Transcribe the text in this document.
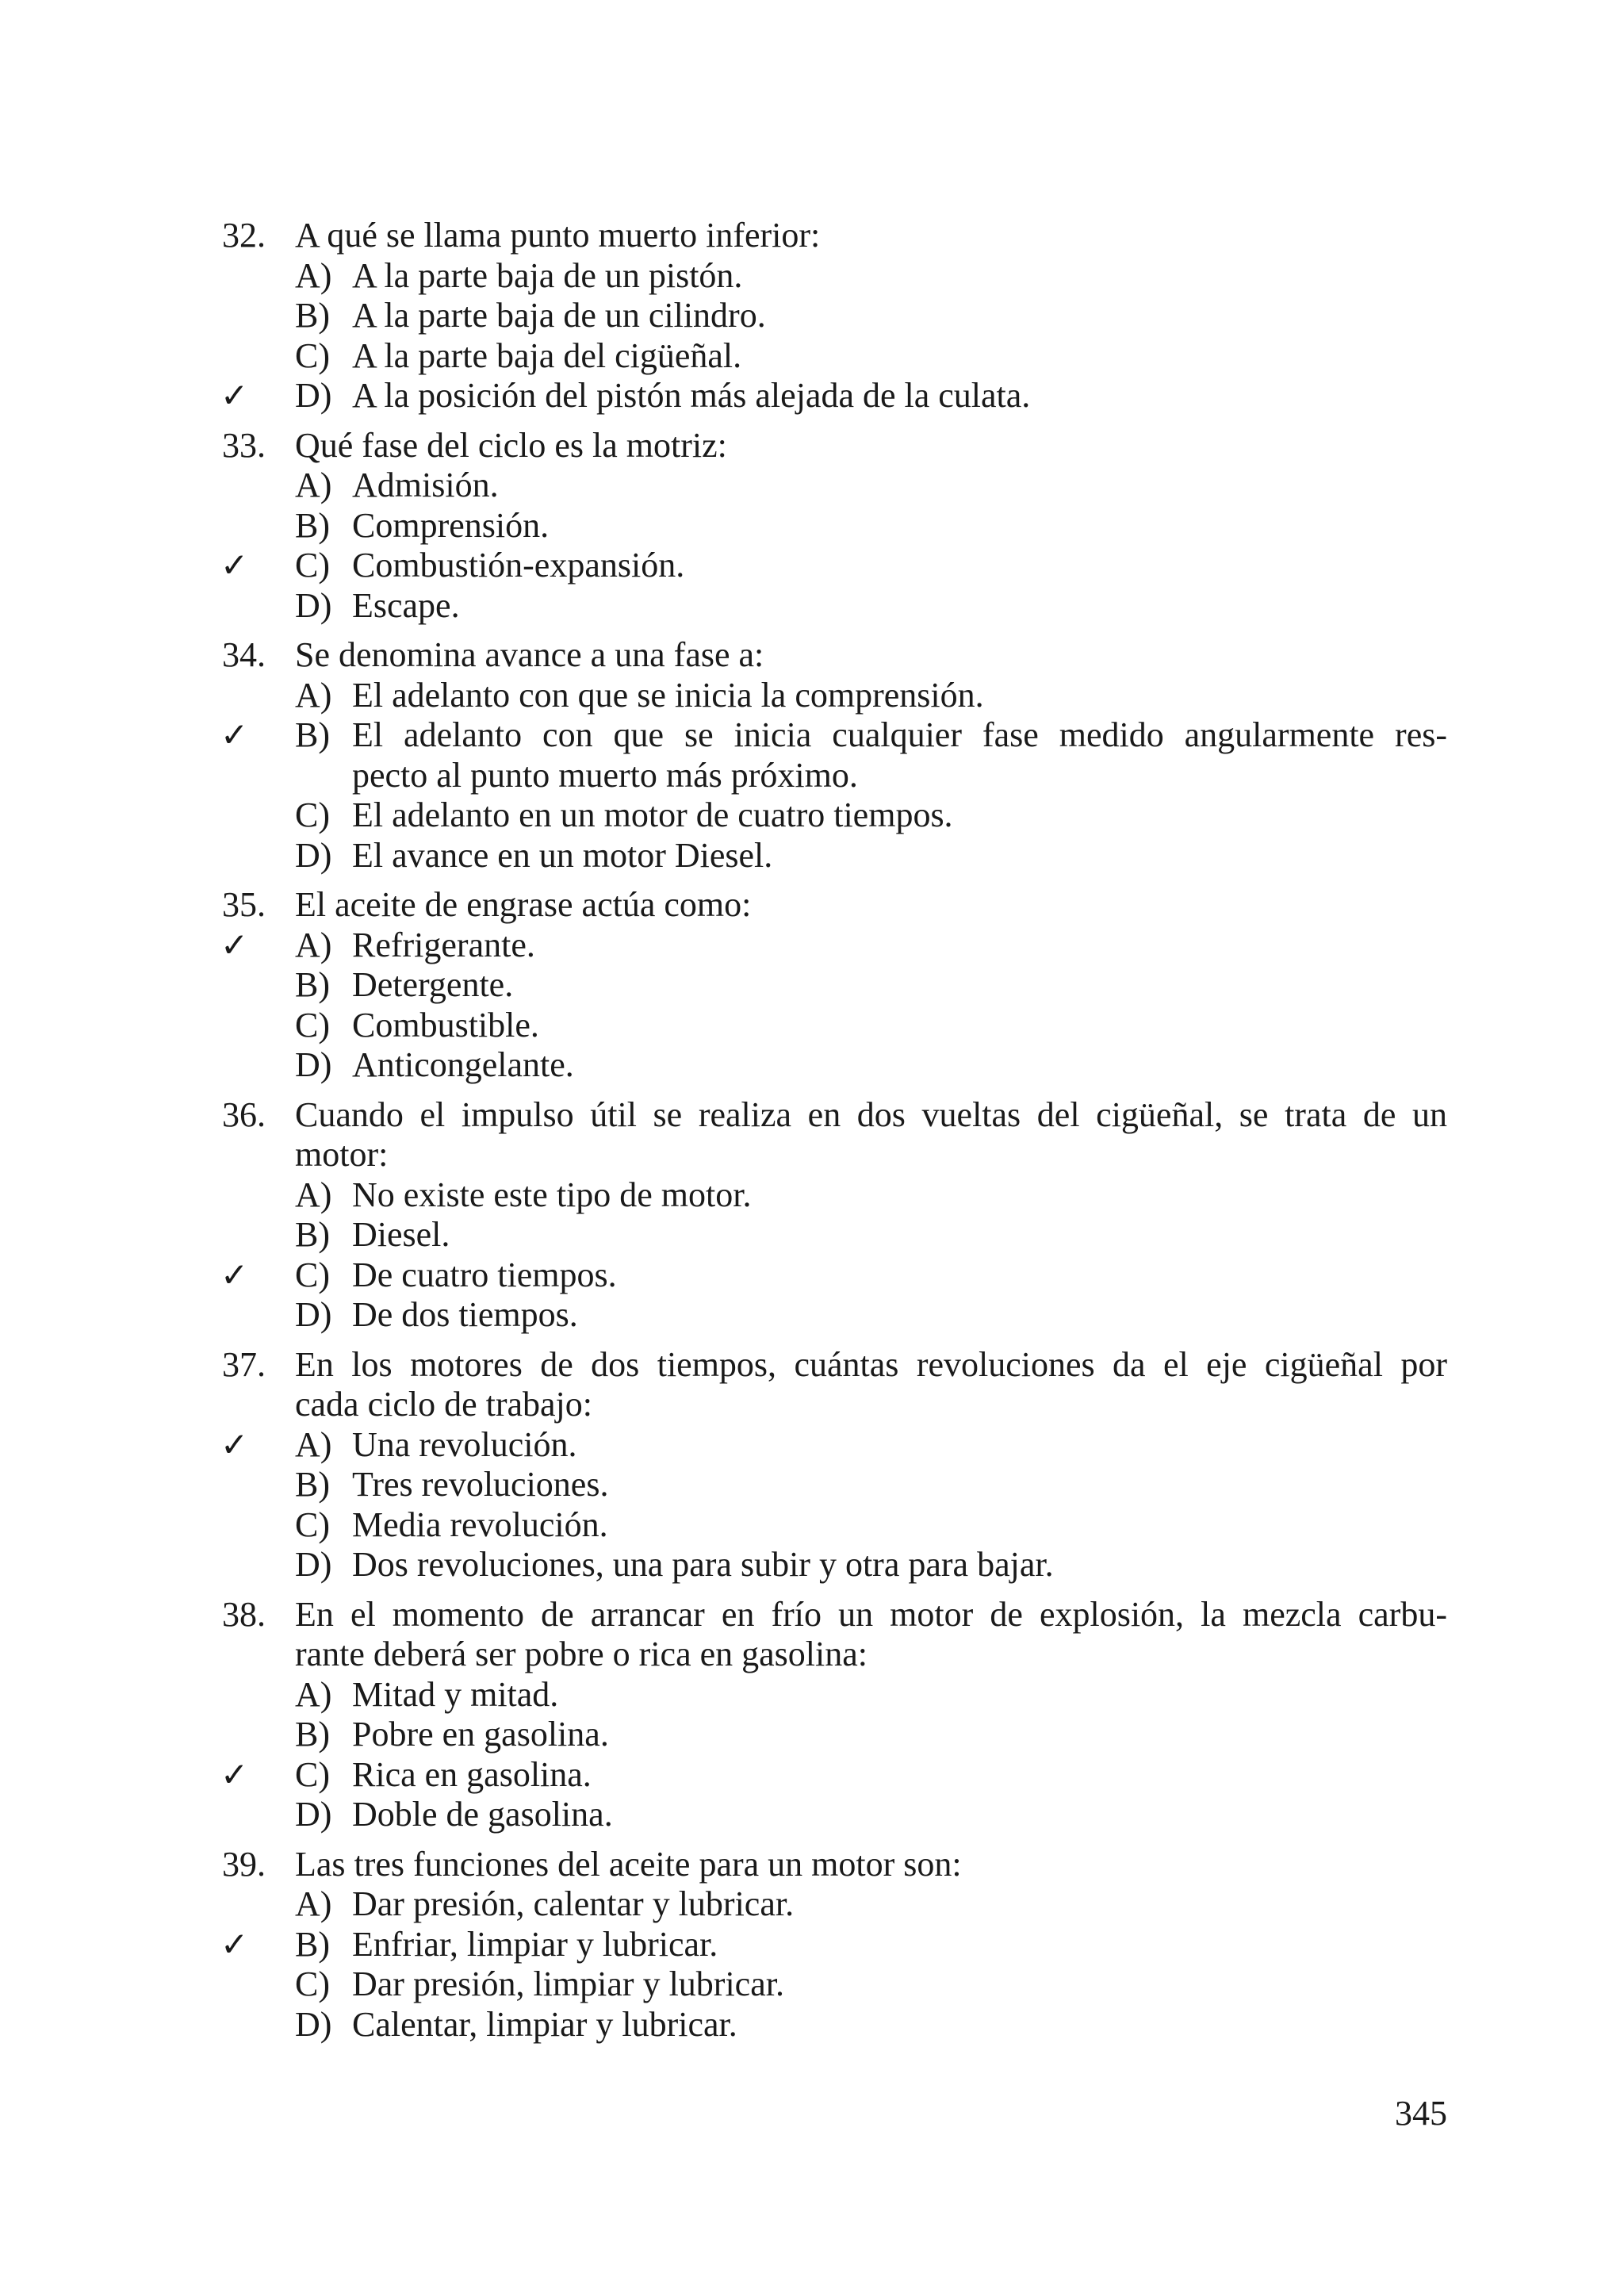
32. A qué se llama punto muerto inferior:
A) A la parte baja de un pistón.
B) A la parte baja de un cilindro.
C) A la parte baja del cigüeñal.
✓ D) A la posición del pistón más alejada de la culata.
33. Qué fase del ciclo es la motriz:
A) Admisión.
B) Comprensión.
✓ C) Combustión-expansión.
D) Escape.
34. Se denomina avance a una fase a:
A) El adelanto con que se inicia la comprensión.
✓ B) El adelanto con que se inicia cualquier fase medido angularmente res-
pecto al punto muerto más próximo.
C) El adelanto en un motor de cuatro tiempos.
D) El avance en un motor Diesel.
35. El aceite de engrase actúa como:
✓ A) Refrigerante.
B) Detergente.
C) Combustible.
D) Anticongelante.
36. Cuando el impulso útil se realiza en dos vueltas del cigüeñal, se trata de un
motor:
A) No existe este tipo de motor.
B) Diesel.
✓ C) De cuatro tiempos.
D) De dos tiempos.
37. En los motores de dos tiempos, cuántas revoluciones da el eje cigüeñal por
cada ciclo de trabajo:
✓ A) Una revolución.
B) Tres revoluciones.
C) Media revolución.
D) Dos revoluciones, una para subir y otra para bajar.
38. En el momento de arrancar en frío un motor de explosión, la mezcla carbu-
rante deberá ser pobre o rica en gasolina:
A) Mitad y mitad.
B) Pobre en gasolina.
✓ C) Rica en gasolina.
D) Doble de gasolina.
39. Las tres funciones del aceite para un motor son:
A) Dar presión, calentar y lubricar.
✓ B) Enfriar, limpiar y lubricar.
C) Dar presión, limpiar y lubricar.
D) Calentar, limpiar y lubricar.
345
